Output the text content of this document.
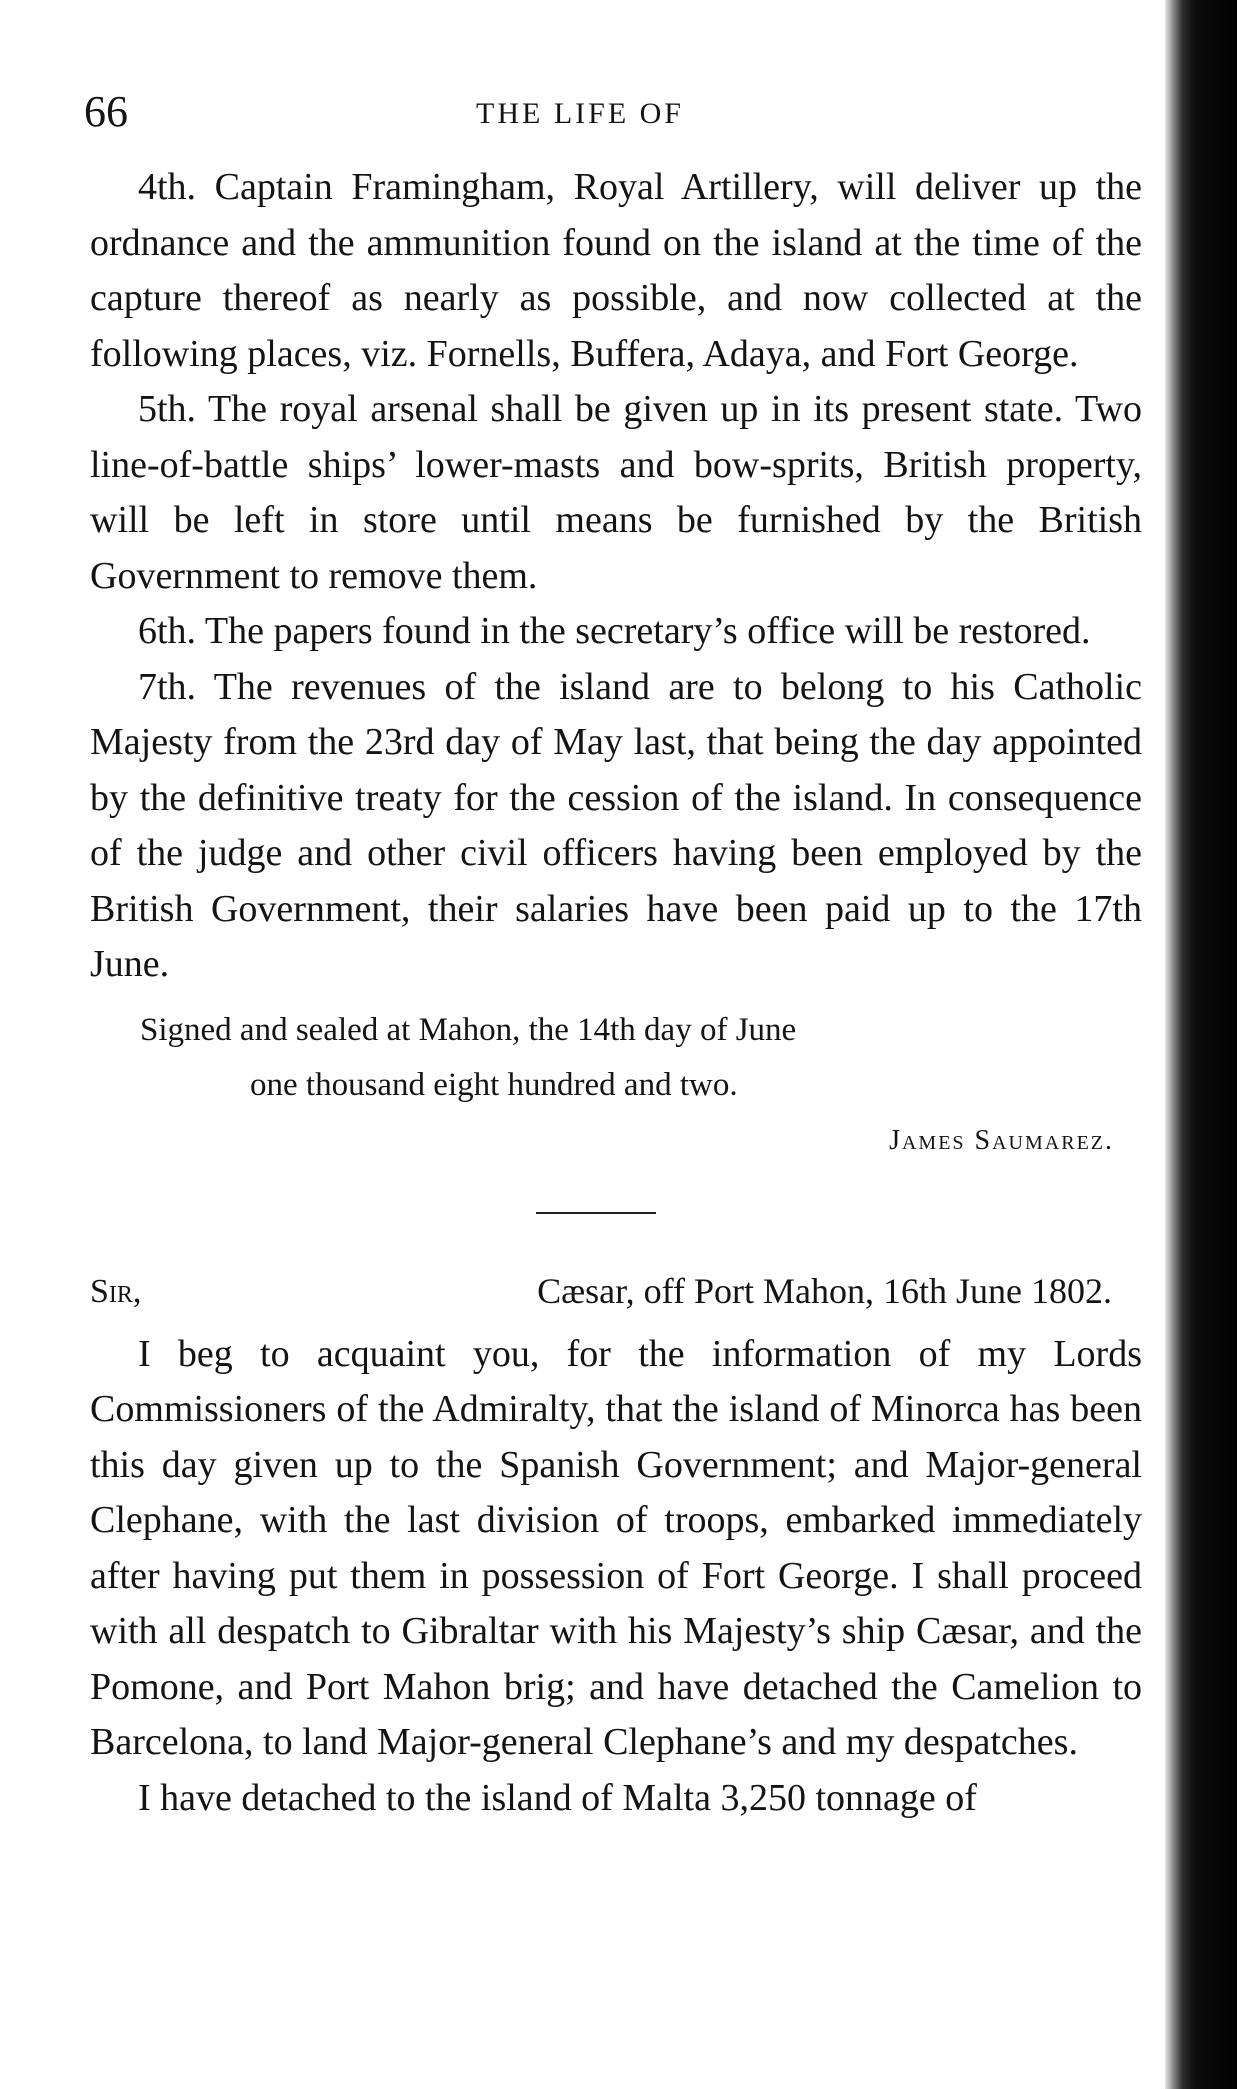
66	THE LIFE OF

4th. Captain Framingham, Royal Artillery, will deliver up the ordnance and the ammunition found on the island at the time of the capture thereof as nearly as possible, and now collected at the following places, viz. Fornells, Buffera, Adaya, and Fort George.

5th. The royal arsenal shall be given up in its present state. Two line-of-battle ships’ lower-masts and bow-sprits, British property, will be left in store until means be furnished by the British Government to remove them.

6th. The papers found in the secretary’s office will be restored.

7th. The revenues of the island are to belong to his Catholic Majesty from the 23rd day of May last, that being the day appointed by the definitive treaty for the cession of the island. In consequence of the judge and other civil officers having been employed by the British Government, their salaries have been paid up to the 17th June.

Signed and sealed at Mahon, the 14th day of June
one thousand eight hundred and two.
James Saumarez.
Sir,	Cæsar, off Port Mahon, 16th June 1802.

I beg to acquaint you, for the information of my Lords Commissioners of the Admiralty, that the island of Minorca has been this day given up to the Spanish Government; and Major-general Clephane, with the last division of troops, embarked immediately after having put them in possession of Fort George. I shall proceed with all despatch to Gibraltar with his Majesty’s ship Cæsar, and the Pomone, and Port Mahon brig; and have detached the Camelion to Barcelona, to land Major-general Clephane’s and my despatches.

I have detached to the island of Malta 3,250 tonnage of
